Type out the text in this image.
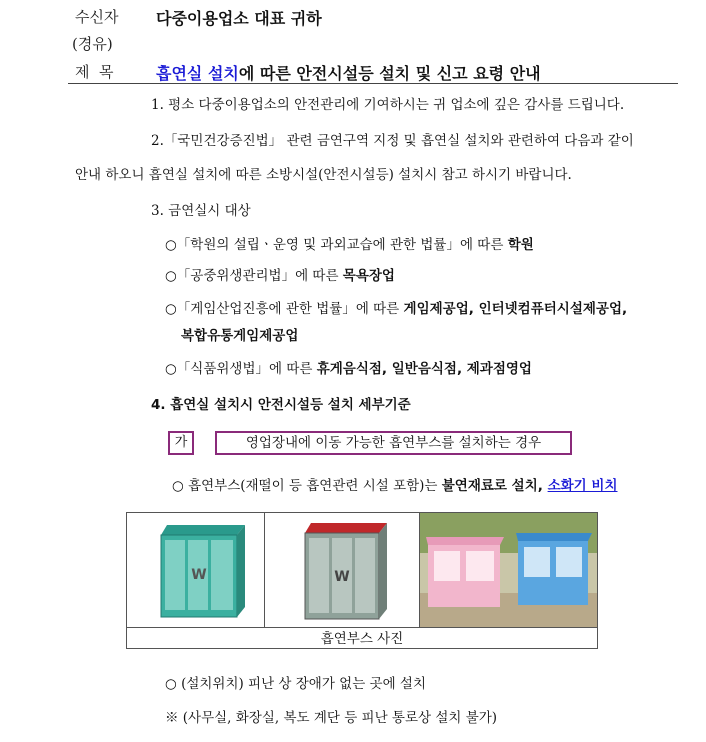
수신자 다중이용업소 대표 귀하
(경유)
제  목	흡연실 설치에 따른 안전시설등 설치 및 신고 요령 안내
1. 평소 다중이용업소의 안전관리에 기여하시는 귀 업소에 깊은 감사를 드립니다.
2.「국민건강증진법」 관련 금연구역 지정 및 흡연실 설치와 관련하여 다음과 같이
안내 하오니 흡연실 설치에 따른 소방시설(안전시설등) 설치시 참고 하시기 바랍니다.
3. 금연실시 대상
○「학원의 설립ㆍ운영 및 과외교습에 관한 법률」에 따른 학원
○「공중위생관리법」에 따른 목욕장업
○「게임산업진흥에 관한 법률」에 따른 게임제공업, 인터넷컴퓨터시설제공업,
복합유통게임제공업
○「식품위생법」에 따른 휴게음식점, 일반음식점, 제과점영업
4. 흡연실 설치시 안전시설등 설치 세부기준
가	영업장내에 이동 가능한 흡연부스를 설치하는 경우
○ 흡연부스(재떨이 등 흡연관련 시설 포함)는 불연재료로 설치, 소화기 비치
W	W
흡연부스 사진
○ (설치위치) 피난 상 장애가 없는 곳에 설치
※ (사무실, 화장실, 복도 계단 등 피난 통로상 설치 불가)
